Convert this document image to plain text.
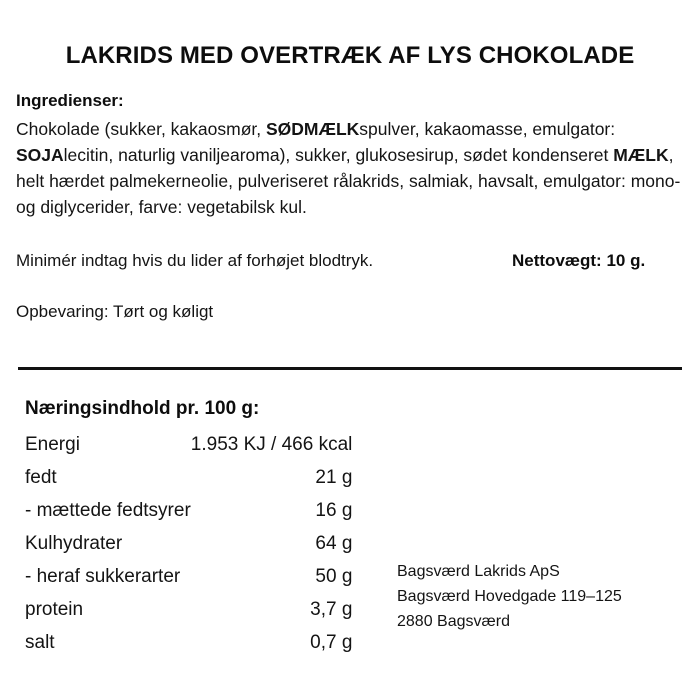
LAKRIDS MED OVERTRÆK AF LYS CHOKOLADE
Ingredienser:
Chokolade (sukker, kakaosmør, SØDMÆLKspulver, kakaomasse, emulgator: SOJAlecitin, naturlig vaniljearoma), sukker, glukosesirup, sødet kondenseret MÆLK, helt hærdet palmekerneolie, pulveriseret rålakrids, salmiak, havsalt, emulgator: mono- og diglycerider, farve: vegetabilsk kul.
Minimér indtag hvis du lider af forhøjet blodtryk.	Nettovægt: 10 g.
Opbevaring: Tørt og køligt
Næringsindhold pr. 100 g:
Energi	1.953 KJ / 466 kcal
fedt	21 g
- mættede fedtsyrer	16 g
Kulhydrater	64 g
- heraf sukkerarter	50 g
protein	3,7 g
salt	0,7 g
Bagsværd Lakrids ApS
Bagsværd Hovedgade 119–125
2880 Bagsværd
